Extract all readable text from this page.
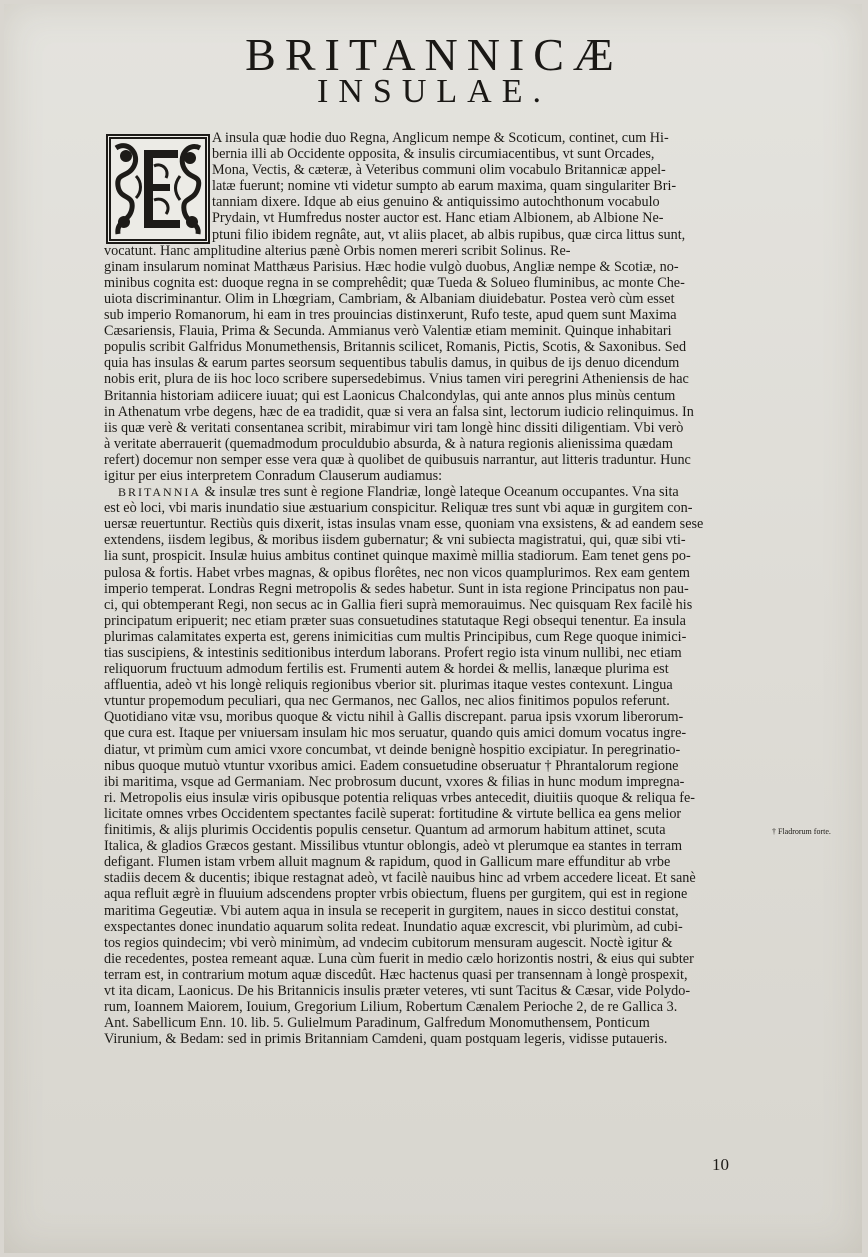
BRITANNICÆ
INSULAE.

A insula quæ hodie duo Regna, Anglicum nempe & Scoticum, continet, cum Hi-
bernia illi ab Occidente opposita, & insulis circumiacentibus, vt sunt Orcades,
Mona, Vectis, & cæteræ, à Veteribus communi olim vocabulo Britannicæ appel-
latæ fuerunt; nomine vti videtur sumpto ab earum maxima, quam singulariter Bri-
tanniam dixere. Idque ab eius genuino & antiquissimo autochthonum vocabulo
Prydain, vt Humfredus noster auctor est. Hanc etiam Albionem, ab Albione Ne-
ptuni filio ibidem regnâte, aut, vt aliis placet, ab albis rupibus, quæ circa littus sunt,
vocatunt. Hanc amplitudine alterius pænè Orbis nomen mereri scribit Solinus. Re-
ginam insularum nominat Matthæus Parisius. Hæc hodie vulgò duobus, Angliæ nempe & Scotiæ, no-
minibus cognita est: duoque regna in se comprehêdit; quæ Tueda & Solueo fluminibus, ac monte Che-
uiota discriminantur. Olim in Lhœgriam, Cambriam, & Albaniam diuidebatur. Postea verò cùm esset
sub imperio Romanorum, hi eam in tres prouincias distinxerunt, Rufo teste, apud quem sunt Maxima
Cæsariensis, Flauia, Prima & Secunda. Ammianus verò Valentiæ etiam meminit. Quinque inhabitari
populis scribit Galfridus Monumethensis, Britannis scilicet, Romanis, Pictis, Scotis, & Saxonibus. Sed
quia has insulas & earum partes seorsum sequentibus tabulis damus, in quibus de ijs denuo dicendum
nobis erit, plura de iis hoc loco scribere supersedebimus. Vnius tamen viri peregrini Atheniensis de hac
Britannia historiam adiicere iuuat; qui est Laonicus Chalcondylas, qui ante annos plus minùs centum
in Athenatum vrbe degens, hæc de ea tradidit, quæ si vera an falsa sint, lectorum iudicio relinquimus. In
iis quæ verè & veritati consentanea scribit, mirabimur viri tam longè hinc dissiti diligentiam. Vbi verò
à veritate aberrauerit (quemadmodum proculdubio absurda, & à natura regionis alienissima quædam
refert) docemur non semper esse vera quæ à quolibet de quibusuis narrantur, aut litteris traduntur. Hunc
igitur per eius interpretem Conradum Clauserum audiamus:

BRITANNIA & insulæ tres sunt è regione Flandriæ, longè lateque Oceanum occupantes. Vna sita
est eò loci, vbi maris inundatio siue æstuarium conspicitur. Reliquæ tres sunt vbi aquæ in gurgitem con-
uersæ reuertuntur. Rectiùs quis dixerit, istas insulas vnam esse, quoniam vna exsistens, & ad eandem sese
extendens, iisdem legibus, & moribus iisdem gubernatur; & vni subiecta magistratui, qui, quæ sibi vti-
lia sunt, prospicit. Insulæ huius ambitus continet quinque maximè millia stadiorum. Eam tenet gens po-
pulosa & fortis. Habet vrbes magnas, & opibus florêtes, nec non vicos quamplurimos. Rex eam gentem
imperio temperat. Londras Regni metropolis & sedes habetur. Sunt in ista regione Principatus non pau-
ci, qui obtemperant Regi, non secus ac in Gallia fieri suprà memorauimus. Nec quisquam Rex facilè his
principatum eripuerit; nec etiam præter suas consuetudines statutaque Regi obsequi tenentur. Ea insula
plurimas calamitates experta est, gerens inimicitias cum multis Principibus, cum Rege quoque inimici-
tias suscipiens, & intestinis seditionibus interdum laborans. Profert regio ista vinum nullibi, nec etiam
reliquorum fructuum admodum fertilis est. Frumenti autem & hordei & mellis, lanæque plurima est
affluentia, adeò vt his longè reliquis regionibus vberior sit. plurimas itaque vestes contexunt. Lingua
vtuntur propemodum peculiari, qua nec Germanos, nec Gallos, nec alios finitimos populos referunt.
Quotidiano vitæ vsu, moribus quoque & victu nihil à Gallis discrepant. parua ipsis vxorum liberorum-
que cura est. Itaque per vniuersam insulam hic mos seruatur, quando quis amici domum vocatus ingre-
diatur, vt primùm cum amici vxore concumbat, vt deinde benignè hospitio excipiatur. In peregrinatio-
nibus quoque mutuò vtuntur vxoribus amici. Eadem consuetudine obseruatur † Phrantalorum regione
ibi maritima, vsque ad Germaniam. Nec probrosum ducunt, vxores & filias in hunc modum impregna-
ri. Metropolis eius insulæ viris opibusque potentia reliquas vrbes antecedit, diuitiis quoque & reliqua fe-
licitate omnes vrbes Occidentem spectantes facilè superat: fortitudine & virtute bellica ea gens melior
finitimis, & alijs plurimis Occidentis populis censetur. Quantum ad armorum habitum attinet, scuta
Italica, & gladios Græcos gestant. Missilibus vtuntur oblongis, adeò vt plerumque ea stantes in terram
defigant. Flumen istam vrbem alluit magnum & rapidum, quod in Gallicum mare effunditur ab vrbe
stadiis decem & ducentis; ibique restagnat adeò, vt facilè nauibus hinc ad vrbem accedere liceat. Et sanè
aqua refluit ægrè in fluuium adscendens propter vrbis obiectum, fluens per gurgitem, qui est in regione
maritima Gegeutiæ. Vbi autem aqua in insula se receperit in gurgitem, naues in sicco destitui constat,
exspectantes donec inundatio aquarum solita redeat. Inundatio aquæ excrescit, vbi plurimùm, ad cubi-
tos regios quindecim; vbi verò minimùm, ad vndecim cubitorum mensuram augescit. Noctè igitur &
die recedentes, postea remeant aquæ. Luna cùm fuerit in medio cælo horizontis nostri, & eius qui subter
terram est, in contrarium motum aquæ discedût. Hæc hactenus quasi per transennam à longè prospexit,
vt ita dicam, Laonicus. De his Britannicis insulis præter veteres, vti sunt Tacitus & Cæsar, vide Polydo-
rum, Ioannem Maiorem, Iouium, Gregorium Lilium, Robertum Cænalem Perioche 2, de re Gallica 3.
Ant. Sabellicum Enn. 10. lib. 5. Gulielmum Paradinum, Galfredum Monomuthensem, Ponticum
Virunium, & Bedam: sed in primis Britanniam Camdeni, quam postquam legeris, vidisse putaueris.

† Fladrorum forte.
10
